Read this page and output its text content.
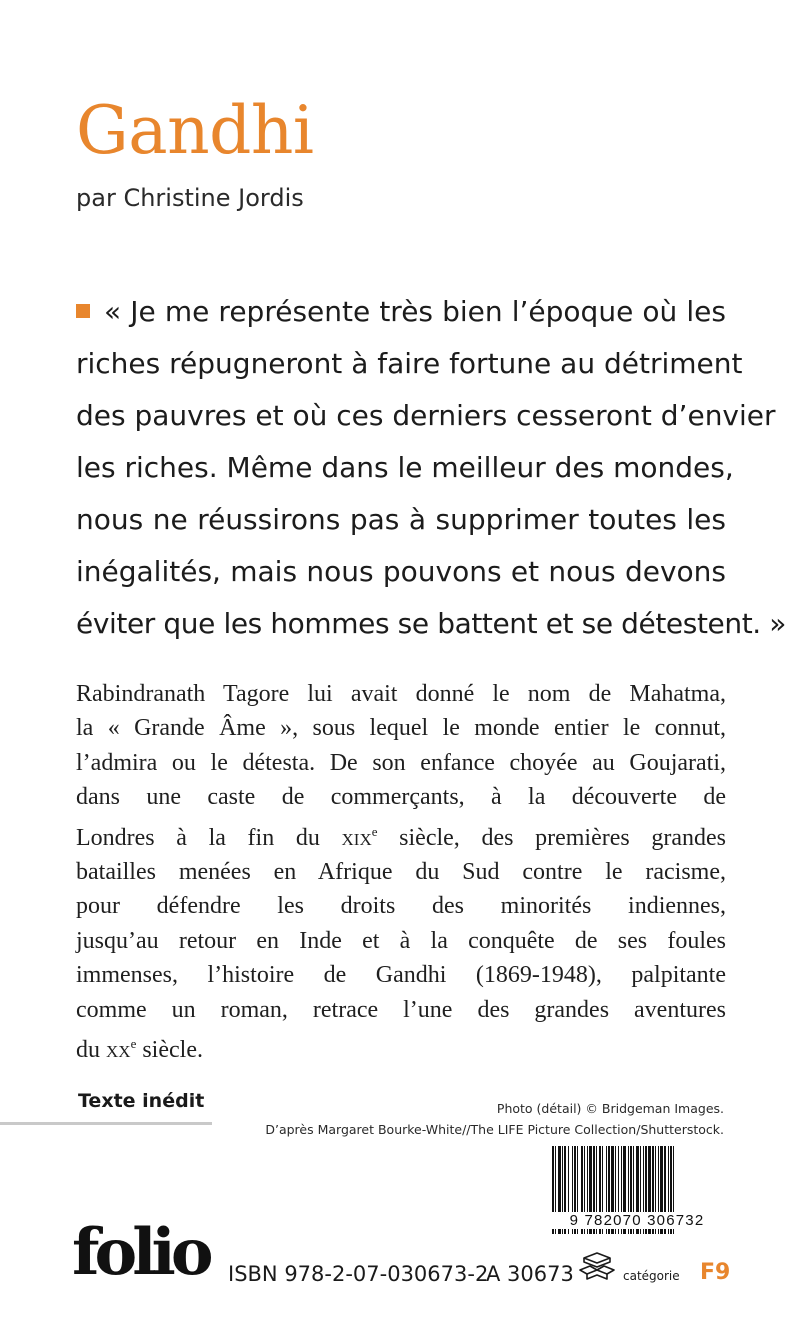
Gandhi
par Christine Jordis
« Je me représente très bien l’époque où les
riches répugneront à faire fortune au détriment
des pauvres et où ces derniers cesseront d’envier
les riches. Même dans le meilleur des mondes,
nous ne réussirons pas à supprimer toutes les
inégalités, mais nous pouvons et nous devons
éviter que les hommes se battent et se détestent. »
Rabindranath Tagore lui avait donné le nom de Mahatma,
la « Grande Âme », sous lequel le monde entier le connut,
l’admira ou le détesta. De son enfance choyée au Goujarati,
dans une caste de commerçants, à la découverte de
Londres à la fin du xix$^e$ siècle, des premières grandes
batailles menées en Afrique du Sud contre le racisme,
pour défendre les droits des minorités indiennes,
jusqu’au retour en Inde et à la conquête de ses foules
immenses, l’histoire de Gandhi (1869-1948), palpitante
comme un roman, retrace l’une des grandes aventures
du $xx^e$ siècle.
Texte inédit	Photo (détail) © Bridgeman Images.
D’après Margaret Bourke-White//The LIFE Picture Collection/Shutterstock.
9 782070 306732
folio ISBN 978-2-07-030673-2
A 30673	catégorie F9
